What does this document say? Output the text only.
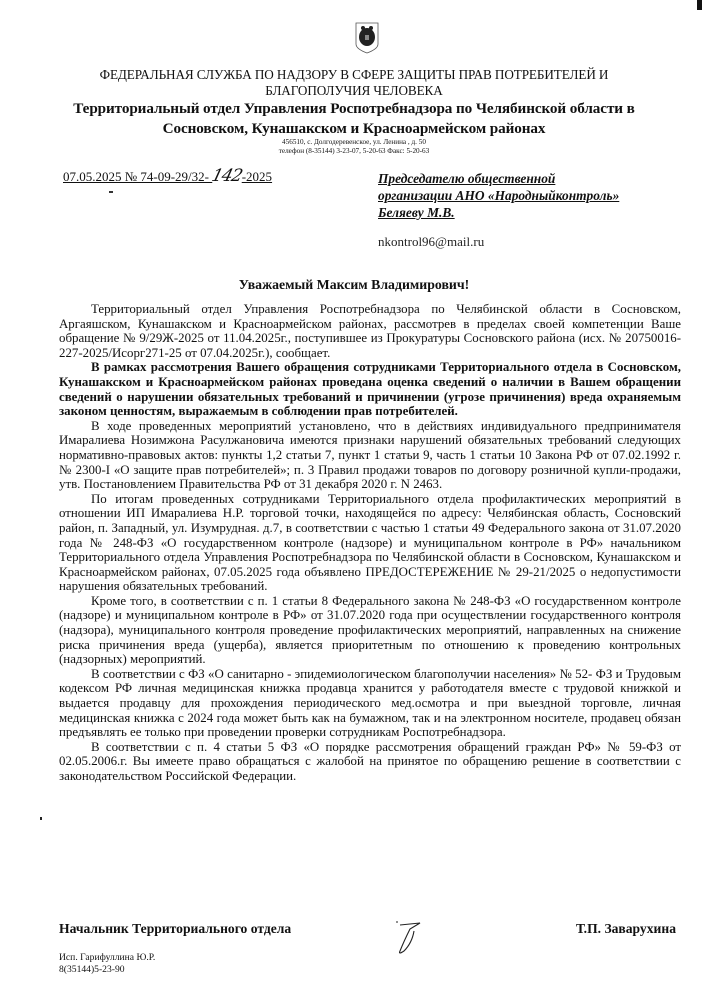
ФЕДЕРАЛЬНАЯ СЛУЖБА ПО НАДЗОРУ В СФЕРЕ ЗАЩИТЫ ПРАВ ПОТРЕБИТЕЛЕЙ И
БЛАГОПОЛУЧИЯ ЧЕЛОВЕКА
Территориальный отдел Управления Роспотребнадзора по Челябинской области в
Сосновском, Кунашакском и Красноармейском районах
456510, с. Долгодеревенское, ул. Ленина , д. 50
телефон (8-35144) 3-23-07, 5-20-63 Факс: 5-20-63
07.05.2025 № 74-09-29/32- 142-2025	Председателю общественной
организации АНО «Народныйконтроль»
Беляеву М.В.
nkontrol96@mail.ru
Уважаемый Максим Владимирович!

Территориальный отдел Управления Роспотребнадзора по Челябинской области в Сосновском, Аргаяшском, Кунашакском и Красноармейском районах, рассмотрев в пределах своей компетенции Ваше обращение № 9/29Ж-2025 от 11.04.2025г., поступившее из Прокуратуры Сосновского района (исх. № 20750016-227-2025/Исорг271-25 от 07.04.2025г.), сообщает.

В рамках рассмотрения Вашего обращения сотрудниками Территориального отдела в Сосновском, Кунашакском и Красноармейском районах проведана оценка сведений о наличии в Вашем обращении сведений о нарушении обязательных требований и причинении (угрозе причинения) вреда охраняемым законом ценностям, выражаемым в соблюдении прав потребителей.

В ходе проведенных мероприятий установлено, что в действиях индивидуального предпринимателя Имаралиева Нозимжона Расулжановича имеются признаки нарушений обязательных требований следующих нормативно-правовых актов: пункты 1,2 статьи 7, пункт 1 статьи 9, часть 1 статьи 10 Закона РФ от 07.02.1992 г. № 2300-I «О защите прав потребителей»; п. 3 Правил продажи товаров по договору розничной купли-продажи, утв. Постановлением Правительства РФ от 31 декабря 2020 г. N 2463.

По итогам проведенных сотрудниками Территориального отдела профилактических мероприятий в отношении ИП Имаралиева Н.Р. торговой точки, находящейся по адресу: Челябинская область, Сосновский район, п. Западный, ул. Изумрудная. д.7, в соответствии с частью 1 статьи 49 Федерального закона от 31.07.2020 года № 248-ФЗ «О государственном контроле (надзоре) и муниципальном контроле в РФ» начальником Территориального отдела Управления Роспотребнадзора по Челябинской области в Сосновском, Кунашакском и Красноармейском районах, 07.05.2025 года объявлено ПРЕДОСТЕРЕЖЕНИЕ № 29-21/2025 о недопустимости нарушения обязательных требований.

Кроме того, в соответствии с п. 1 статьи 8 Федерального закона № 248-ФЗ «О государственном контроле (надзоре) и муниципальном контроле в РФ» от 31.07.2020 года при осуществлении государственного контроля (надзора), муниципального контроля проведение профилактических мероприятий, направленных на снижение риска причинения вреда (ущерба), является приоритетным по отношению к проведению контрольных (надзорных) мероприятий.

В соответствии с ФЗ «О санитарно - эпидемиологическом благополучии населения» № 52- ФЗ и Трудовым кодексом РФ личная медицинская книжка продавца хранится у работодателя вместе с трудовой книжкой и выдается продавцу для прохождения периодического мед.осмотра и при выездной торговле, личная медицинская книжка с 2024 года может быть как на бумажном, так и на электронном носителе, продавец обязан предъявлять ее только при проведении проверки сотрудникам Роспотребнадзора.

В соответствии с п. 4 статьи 5 ФЗ «О порядке рассмотрения обращений граждан РФ» № 59-ФЗ от 02.05.2006.г. Вы имеете право обращаться с жалобой на принятое по обращению решение в соответствии с законодательством Российской Федерации.

Начальник Территориального отдела	Т.П. Заварухина
Исп. Гарифуллина Ю.Р.
8(35144)5-23-90
